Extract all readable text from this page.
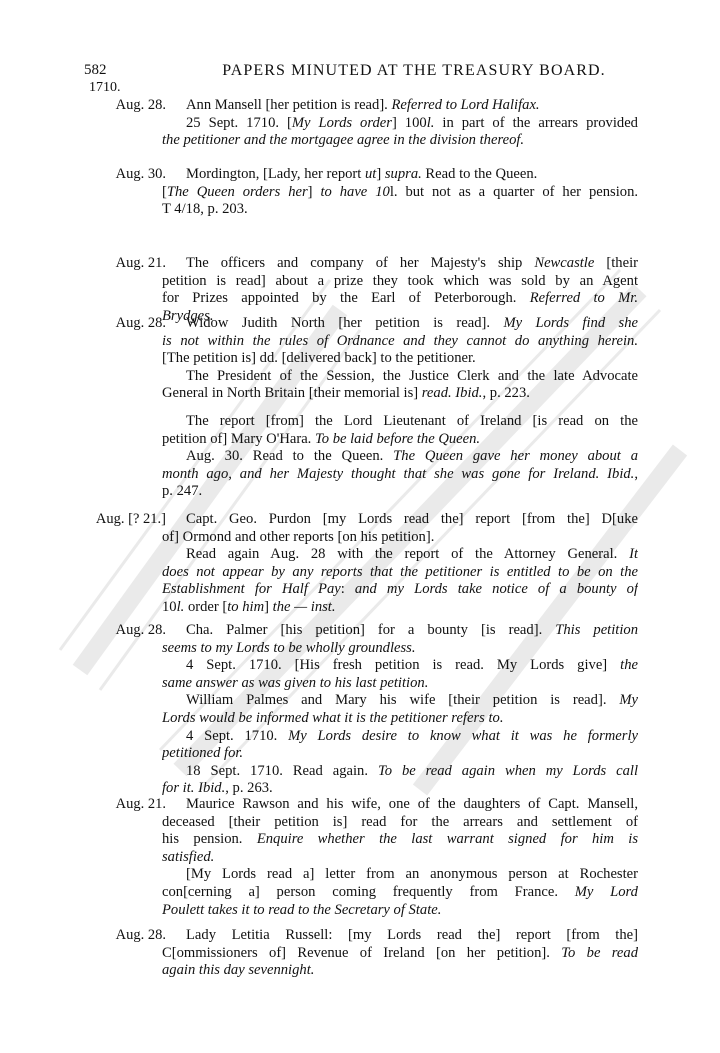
582	PAPERS MINUTED AT THE TREASURY BOARD.
1710.
Aug. 28. Ann Mansell [her petition is read]. Referred to Lord Halifax.
25 Sept. 1710. [My Lords order] 100l. in part of the arrears provided
the petitioner and the mortgagee agree in the division thereof.
Aug. 30. Mordington, [Lady, her report ut] supra. Read to the Queen.
[The Queen orders her] to have 10l. but not as a quarter of her pension.
T 4/18, p. 203.
Aug. 21. The officers and company of her Majesty's ship Newcastle [their
petition is read] about a prize they took which was sold by an Agent
for Prizes appointed by the Earl of Peterborough. Referred to Mr.
Brydges.
Aug. 28. Widow Judith North [her petition is read]. My Lords find she
is not within the rules of Ordnance and they cannot do anything herein.
[The petition is] dd. [delivered back] to the petitioner.
The President of the Session, the Justice Clerk and the late Advocate
General in North Britain [their memorial is] read. Ibid., p. 223.
The report [from] the Lord Lieutenant of Ireland [is read on the
petition of] Mary O'Hara. To be laid before the Queen.
Aug. 30. Read to the Queen. The Queen gave her money about a
month ago, and her Majesty thought that she was gone for Ireland. Ibid.,
p. 247.
Aug. [? 21.] Capt. Geo. Purdon [my Lords read the] report [from the] D[uke
of] Ormond and other reports [on his petition].
Read again Aug. 28 with the report of the Attorney General. It
does not appear by any reports that the petitioner is entitled to be on the
Establishment for Half Pay: and my Lords take notice of a bounty of
10l. order [to him] the — inst.
Aug. 28. Cha. Palmer [his petition] for a bounty [is read]. This petition
seems to my Lords to be wholly groundless.
4 Sept. 1710. [His fresh petition is read. My Lords give] the
same answer as was given to his last petition.
William Palmes and Mary his wife [their petition is read]. My
Lords would be informed what it is the petitioner refers to.
4 Sept. 1710. My Lords desire to know what it was he formerly
petitioned for.
18 Sept. 1710. Read again. To be read again when my Lords call
for it. Ibid., p. 263.
Aug. 21. Maurice Rawson and his wife, one of the daughters of Capt. Mansell,
deceased [their petition is] read for the arrears and settlement of
his pension. Enquire whether the last warrant signed for him is
satisfied.
[My Lords read a] letter from an anonymous person at Rochester
con[cerning a] person coming frequently from France. My Lord
Poulett takes it to read to the Secretary of State.
Aug. 28. Lady Letitia Russell: [my Lords read the] report [from the]
C[ommissioners of] Revenue of Ireland [on her petition]. To be read
again this day sevennight.
